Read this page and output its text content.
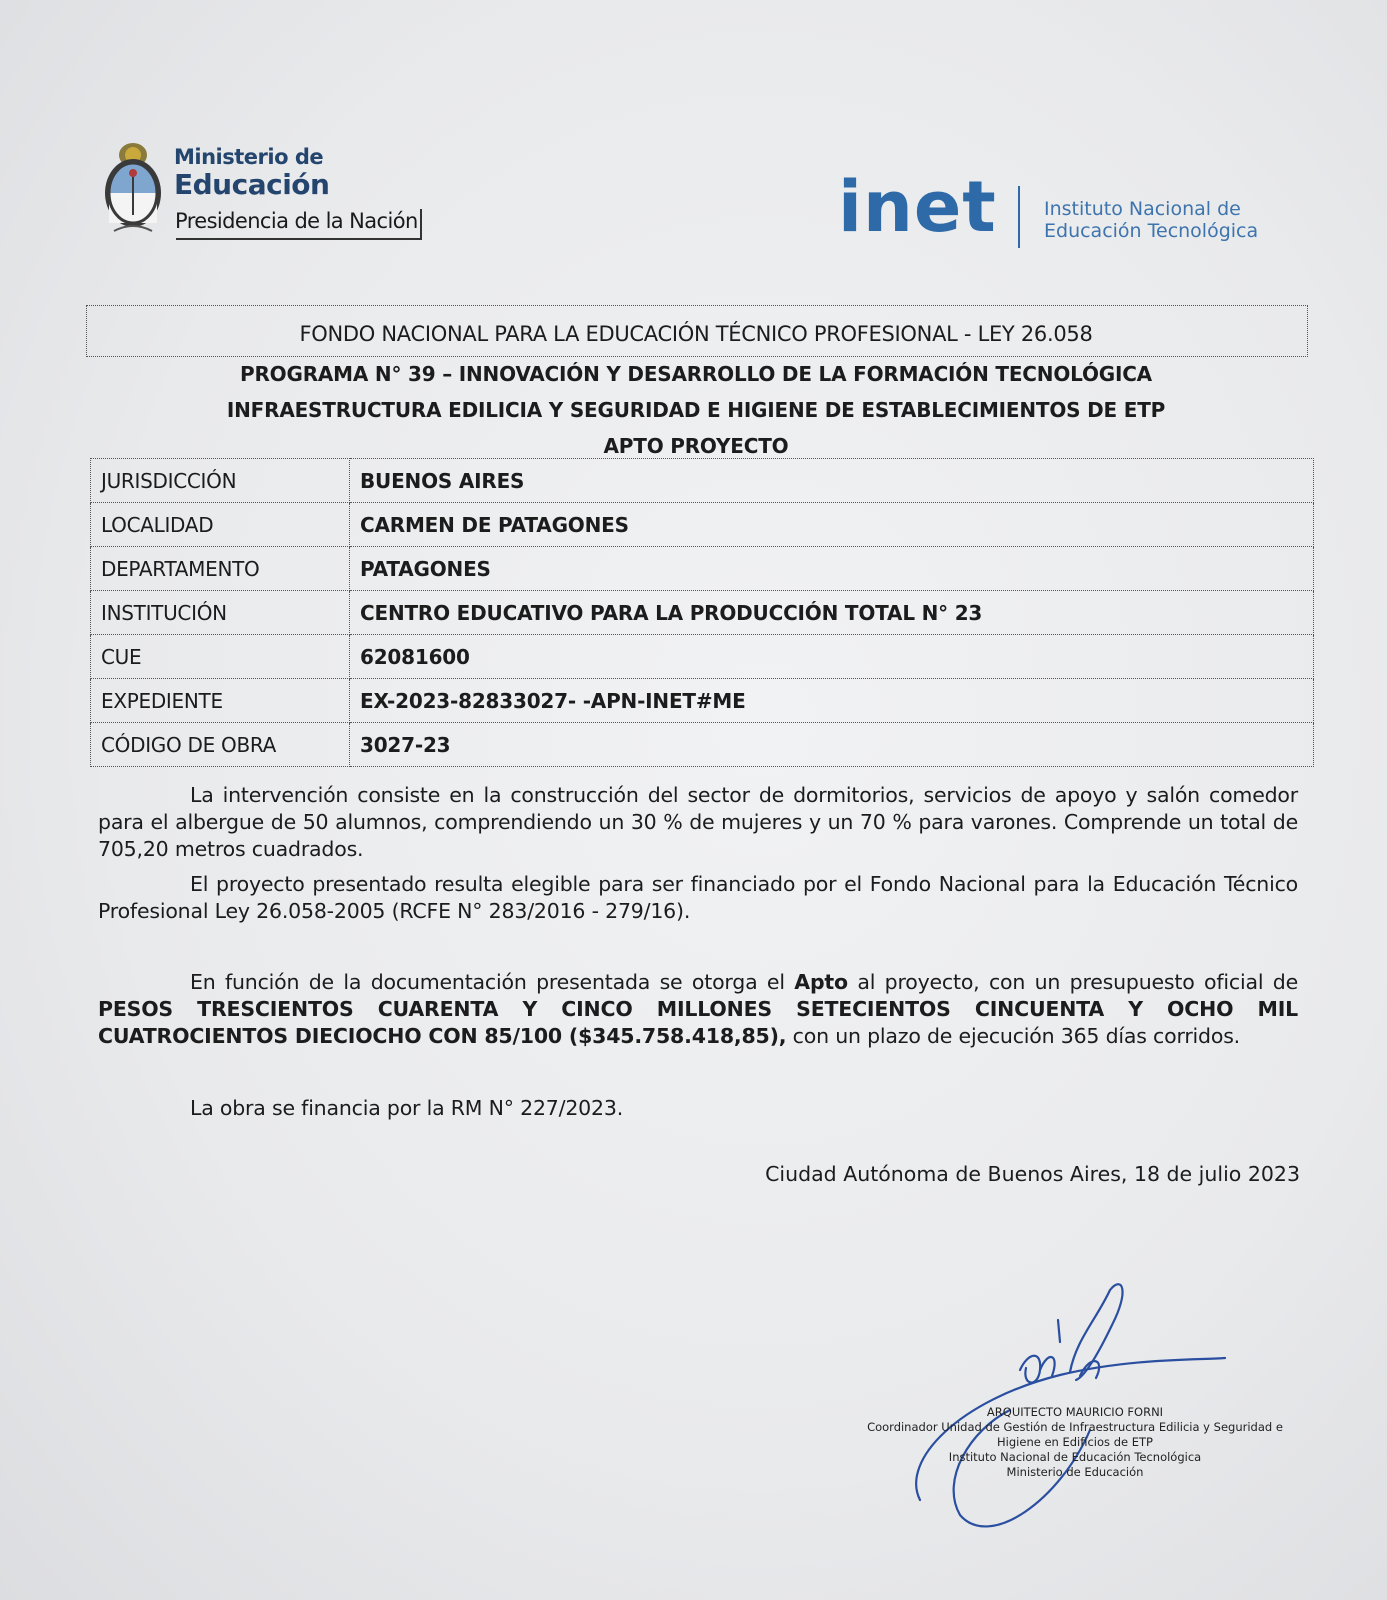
Ministerio de
Educación
Presidencia de la Nación	inet Instituto Nacional de
Educación Tecnológica
FONDO NACIONAL PARA LA EDUCACIÓN TÉCNICO PROFESIONAL - LEY 26.058
PROGRAMA N° 39 – INNOVACIÓN Y DESARROLLO DE LA FORMACIÓN TECNOLÓGICA
INFRAESTRUCTURA EDILICIA Y SEGURIDAD E HIGIENE DE ESTABLECIMIENTOS DE ETP
APTO PROYECTO
JURISDICCIÓN	BUENOS AIRES
LOCALIDAD	CARMEN DE PATAGONES
DEPARTAMENTO	PATAGONES
INSTITUCIÓN	CENTRO EDUCATIVO PARA LA PRODUCCIÓN TOTAL N° 23
CUE	62081600
EXPEDIENTE	EX-2023-82833027- -APN-INET#ME
CÓDIGO DE OBRA	3027-23
La intervención consiste en la construcción del sector de dormitorios, servicios de apoyo y salón comedor para el albergue de 50 alumnos, comprendiendo un 30 % de mujeres y un 70 % para varones. Comprende un total de 705,20 metros cuadrados.
El proyecto presentado resulta elegible para ser financiado por el Fondo Nacional para la Educación Técnico Profesional Ley 26.058-2005 (RCFE N° 283/2016 - 279/16).
En función de la documentación presentada se otorga el Apto al proyecto, con un presupuesto oficial de PESOS TRESCIENTOS CUARENTA Y CINCO MILLONES SETECIENTOS CINCUENTA Y OCHO MIL CUATROCIENTOS DIECIOCHO CON 85/100 ($345.758.418,85), con un plazo de ejecución 365 días corridos.
La obra se financia por la RM N° 227/2023.
Ciudad Autónoma de Buenos Aires, 18 de julio 2023
ARQUITECTO MAURICIO FORNI
Coordinador Unidad de Gestión de Infraestructura Edilicia y Seguridad e
Higiene en Edificios de ETP
Instituto Nacional de Educación Tecnológica
Ministerio de Educación
